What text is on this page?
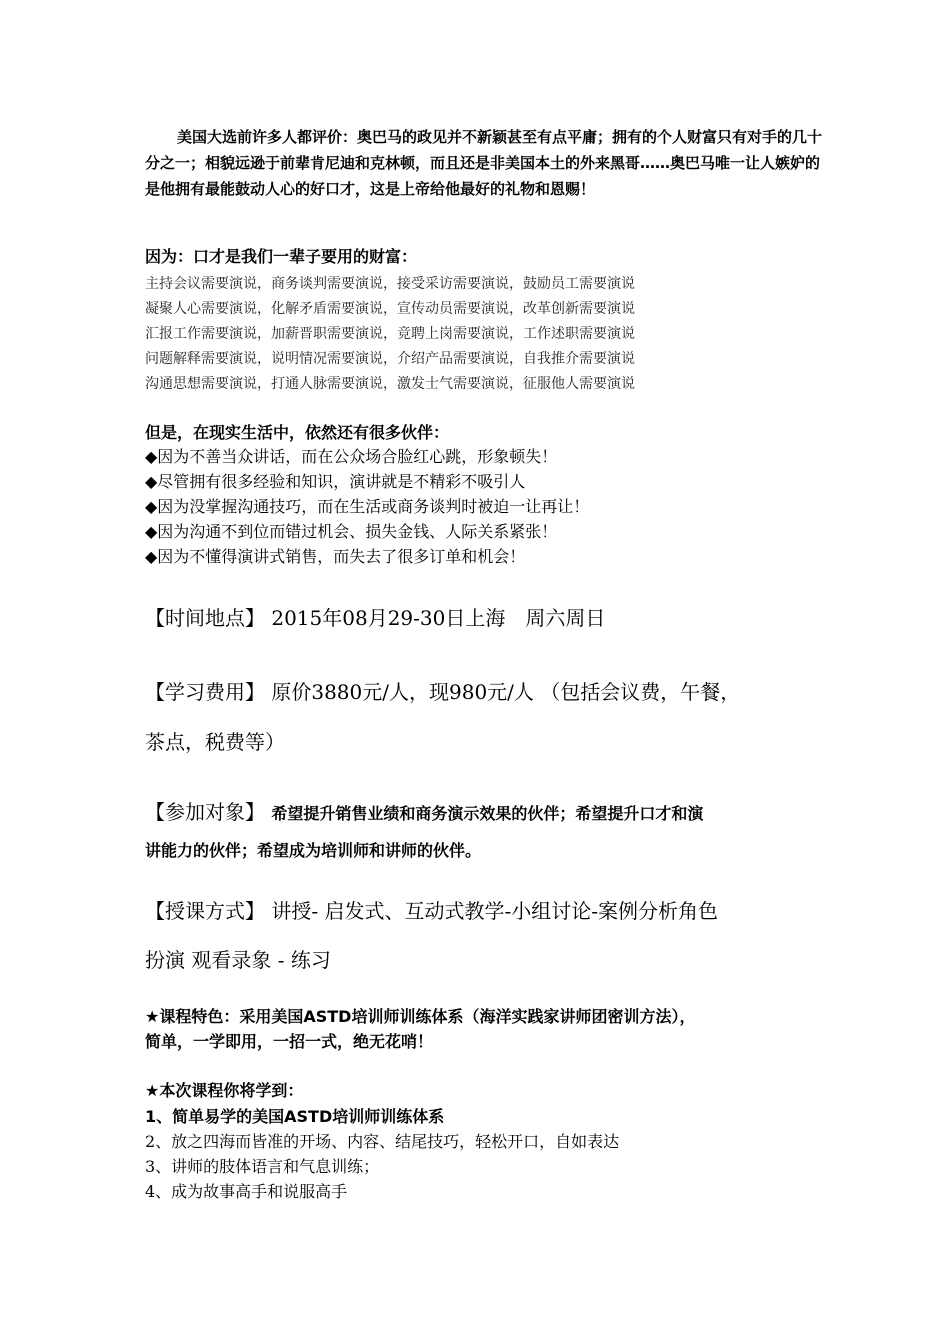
美国大选前许多人都评价：奥巴马的政见并不新颖甚至有点平庸；拥有的个人财富只有对手的几十分之一；相貌远逊于前辈肯尼迪和克林顿，而且还是非美国本土的外来黑哥……奥巴马唯一让人嫉妒的是他拥有最能鼓动人心的好口才，这是上帝给他最好的礼物和恩赐！
因为：口才是我们一辈子要用的财富：
主持会议需要演说，商务谈判需要演说，接受采访需要演说，鼓励员工需要演说
凝聚人心需要演说，化解矛盾需要演说，宣传动员需要演说，改革创新需要演说
汇报工作需要演说，加薪晋职需要演说，竞聘上岗需要演说，工作述职需要演说
问题解释需要演说，说明情况需要演说，介绍产品需要演说，自我推介需要演说
沟通思想需要演说，打通人脉需要演说，激发士气需要演说，征服他人需要演说
但是，在现实生活中，依然还有很多伙伴：
◆因为不善当众讲话，而在公众场合脸红心跳，形象顿失！
◆尽管拥有很多经验和知识，演讲就是不精彩不吸引人
◆因为没掌握沟通技巧，而在生活或商务谈判时被迫一让再让！
◆因为沟通不到位而错过机会、损失金钱、人际关系紧张！
◆因为不懂得演讲式销售，而失去了很多订单和机会！
【时间地点】 2015年08月29-30日上海　周六周日
【学习费用】 原价3880元/人，现980元/人 （包括会议费，午餐，
茶点，税费等）
【参加对象】 希望提升销售业绩和商务演示效果的伙伴；希望提升口才和演
讲能力的伙伴；希望成为培训师和讲师的伙伴。
【授课方式】 讲授- 启发式、互动式教学-小组讨论-案例分析角色
扮演 观看录象 - 练习
★课程特色：采用美国ASTD培训师训练体系（海洋实践家讲师团密训方法），
简单，一学即用，一招一式，绝无花哨！
★本次课程你将学到：
1、简单易学的美国ASTD培训师训练体系
2、放之四海而皆准的开场、内容、结尾技巧，轻松开口，自如表达
3、讲师的肢体语言和气息训练；
4、成为故事高手和说服高手
